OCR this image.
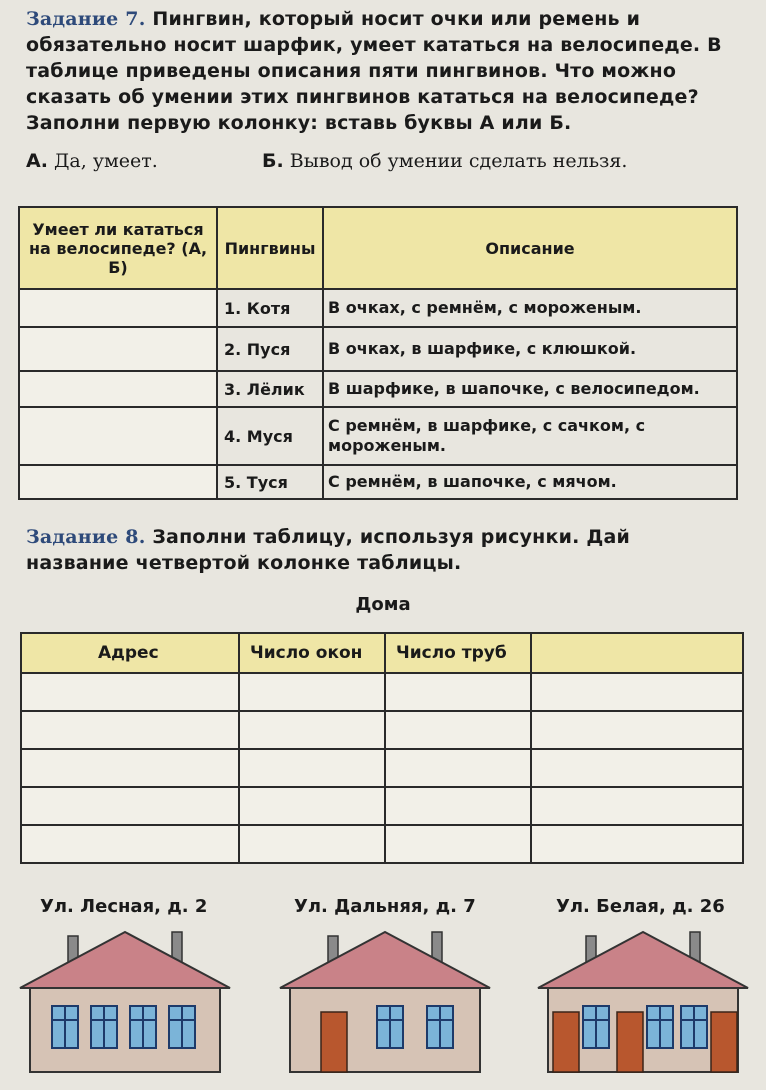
Задание 7. Пингвин, который носит очки или ремень и обязательно носит шарфик, умеет кататься на велосипеде. В таблице приведены описания пяти пингвинов. Что можно сказать об умении этих пингвинов кататься на велосипеде? Заполни первую колонку: вставь буквы А или Б.
А. Да, умеет.	Б. Вывод об умении сделать нельзя.
Умеет ли кататься на велосипеде? (А, Б)	Пингвины	Описание
	1. Котя	В очках, с ремнём, с мороженым.
	2. Пуся	В очках, в шарфике, с клюшкой.
	3. Лёлик	В шарфике, в шапочке, с велосипедом.
	4. Муся	С ремнём, в шарфике, с сачком, с мороженым.
	5. Туся	С ремнём, в шапочке, с мячом.
Задание 8. Заполни таблицу, используя рисунки. Дай название четвертой колонке таблицы.
Дома
Адрес	Число окон	Число труб	

Ул. Лесная, д. 2	Ул. Дальняя, д. 7	Ул. Белая, д. 26
